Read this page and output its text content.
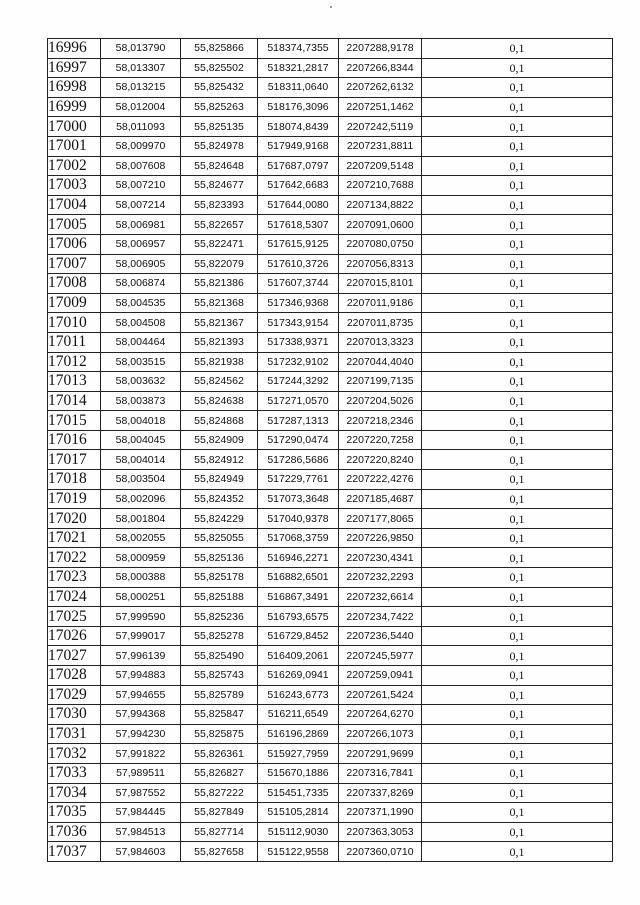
16996	58,013790	55,825866	518374,7355	2207288,9178	0,1
16997	58,013307	55,825502	518321,2817	2207266,8344	0,1
16998	58,013215	55,825432	518311,0640	2207262,6132	0,1
16999	58,012004	55,825263	518176,3096	2207251,1462	0,1
17000	58,011093	55,825135	518074,8439	2207242,5119	0,1
17001	58,009970	55,824978	517949,9168	2207231,8811	0,1
17002	58,007608	55,824648	517687,0797	2207209,5148	0,1
17003	58,007210	55,824677	517642,6683	2207210,7688	0,1
17004	58,007214	55,823393	517644,0080	2207134,8822	0,1
17005	58,006981	55,822657	517618,5307	2207091,0600	0,1
17006	58,006957	55,822471	517615,9125	2207080,0750	0,1
17007	58,006905	55,822079	517610,3726	2207056,8313	0,1
17008	58,006874	55,821386	517607,3744	2207015,8101	0,1
17009	58,004535	55,821368	517346,9368	2207011,9186	0,1
17010	58,004508	55,821367	517343,9154	2207011,8735	0,1
17011	58,004464	55,821393	517338,9371	2207013,3323	0,1
17012	58,003515	55,821938	517232,9102	2207044,4040	0,1
17013	58,003632	55,824562	517244,3292	2207199,7135	0,1
17014	58,003873	55,824638	517271,0570	2207204,5026	0,1
17015	58,004018	55,824868	517287,1313	2207218,2346	0,1
17016	58,004045	55,824909	517290,0474	2207220,7258	0,1
17017	58,004014	55,824912	517286,5686	2207220,8240	0,1
17018	58,003504	55,824949	517229,7761	2207222,4276	0,1
17019	58,002096	55,824352	517073,3648	2207185,4687	0,1
17020	58,001804	55,824229	517040,9378	2207177,8065	0,1
17021	58,002055	55,825055	517068,3759	2207226,9850	0,1
17022	58,000959	55,825136	516946,2271	2207230,4341	0,1
17023	58,000388	55,825178	516882,6501	2207232,2293	0,1
17024	58,000251	55,825188	516867,3491	2207232,6614	0,1
17025	57,999590	55,825236	516793,6575	2207234,7422	0,1
17026	57,999017	55,825278	516729,8452	2207236,5440	0,1
17027	57,996139	55,825490	516409,2061	2207245,5977	0,1
17028	57,994883	55,825743	516269,0941	2207259,0941	0,1
17029	57,994655	55,825789	516243,6773	2207261,5424	0,1
17030	57,994368	55,825847	516211,6549	2207264,6270	0,1
17031	57,994230	55,825875	516196,2869	2207266,1073	0,1
17032	57,991822	55,826361	515927,7959	2207291,9699	0,1
17033	57,989511	55,826827	515670,1886	2207316,7841	0,1
17034	57,987552	55,827222	515451,7335	2207337,8269	0,1
17035	57,984445	55,827849	515105,2814	2207371,1990	0,1
17036	57,984513	55,827714	515112,9030	2207363,3053	0,1
17037	57,984603	55,827658	515122,9558	2207360,0710	0,1
